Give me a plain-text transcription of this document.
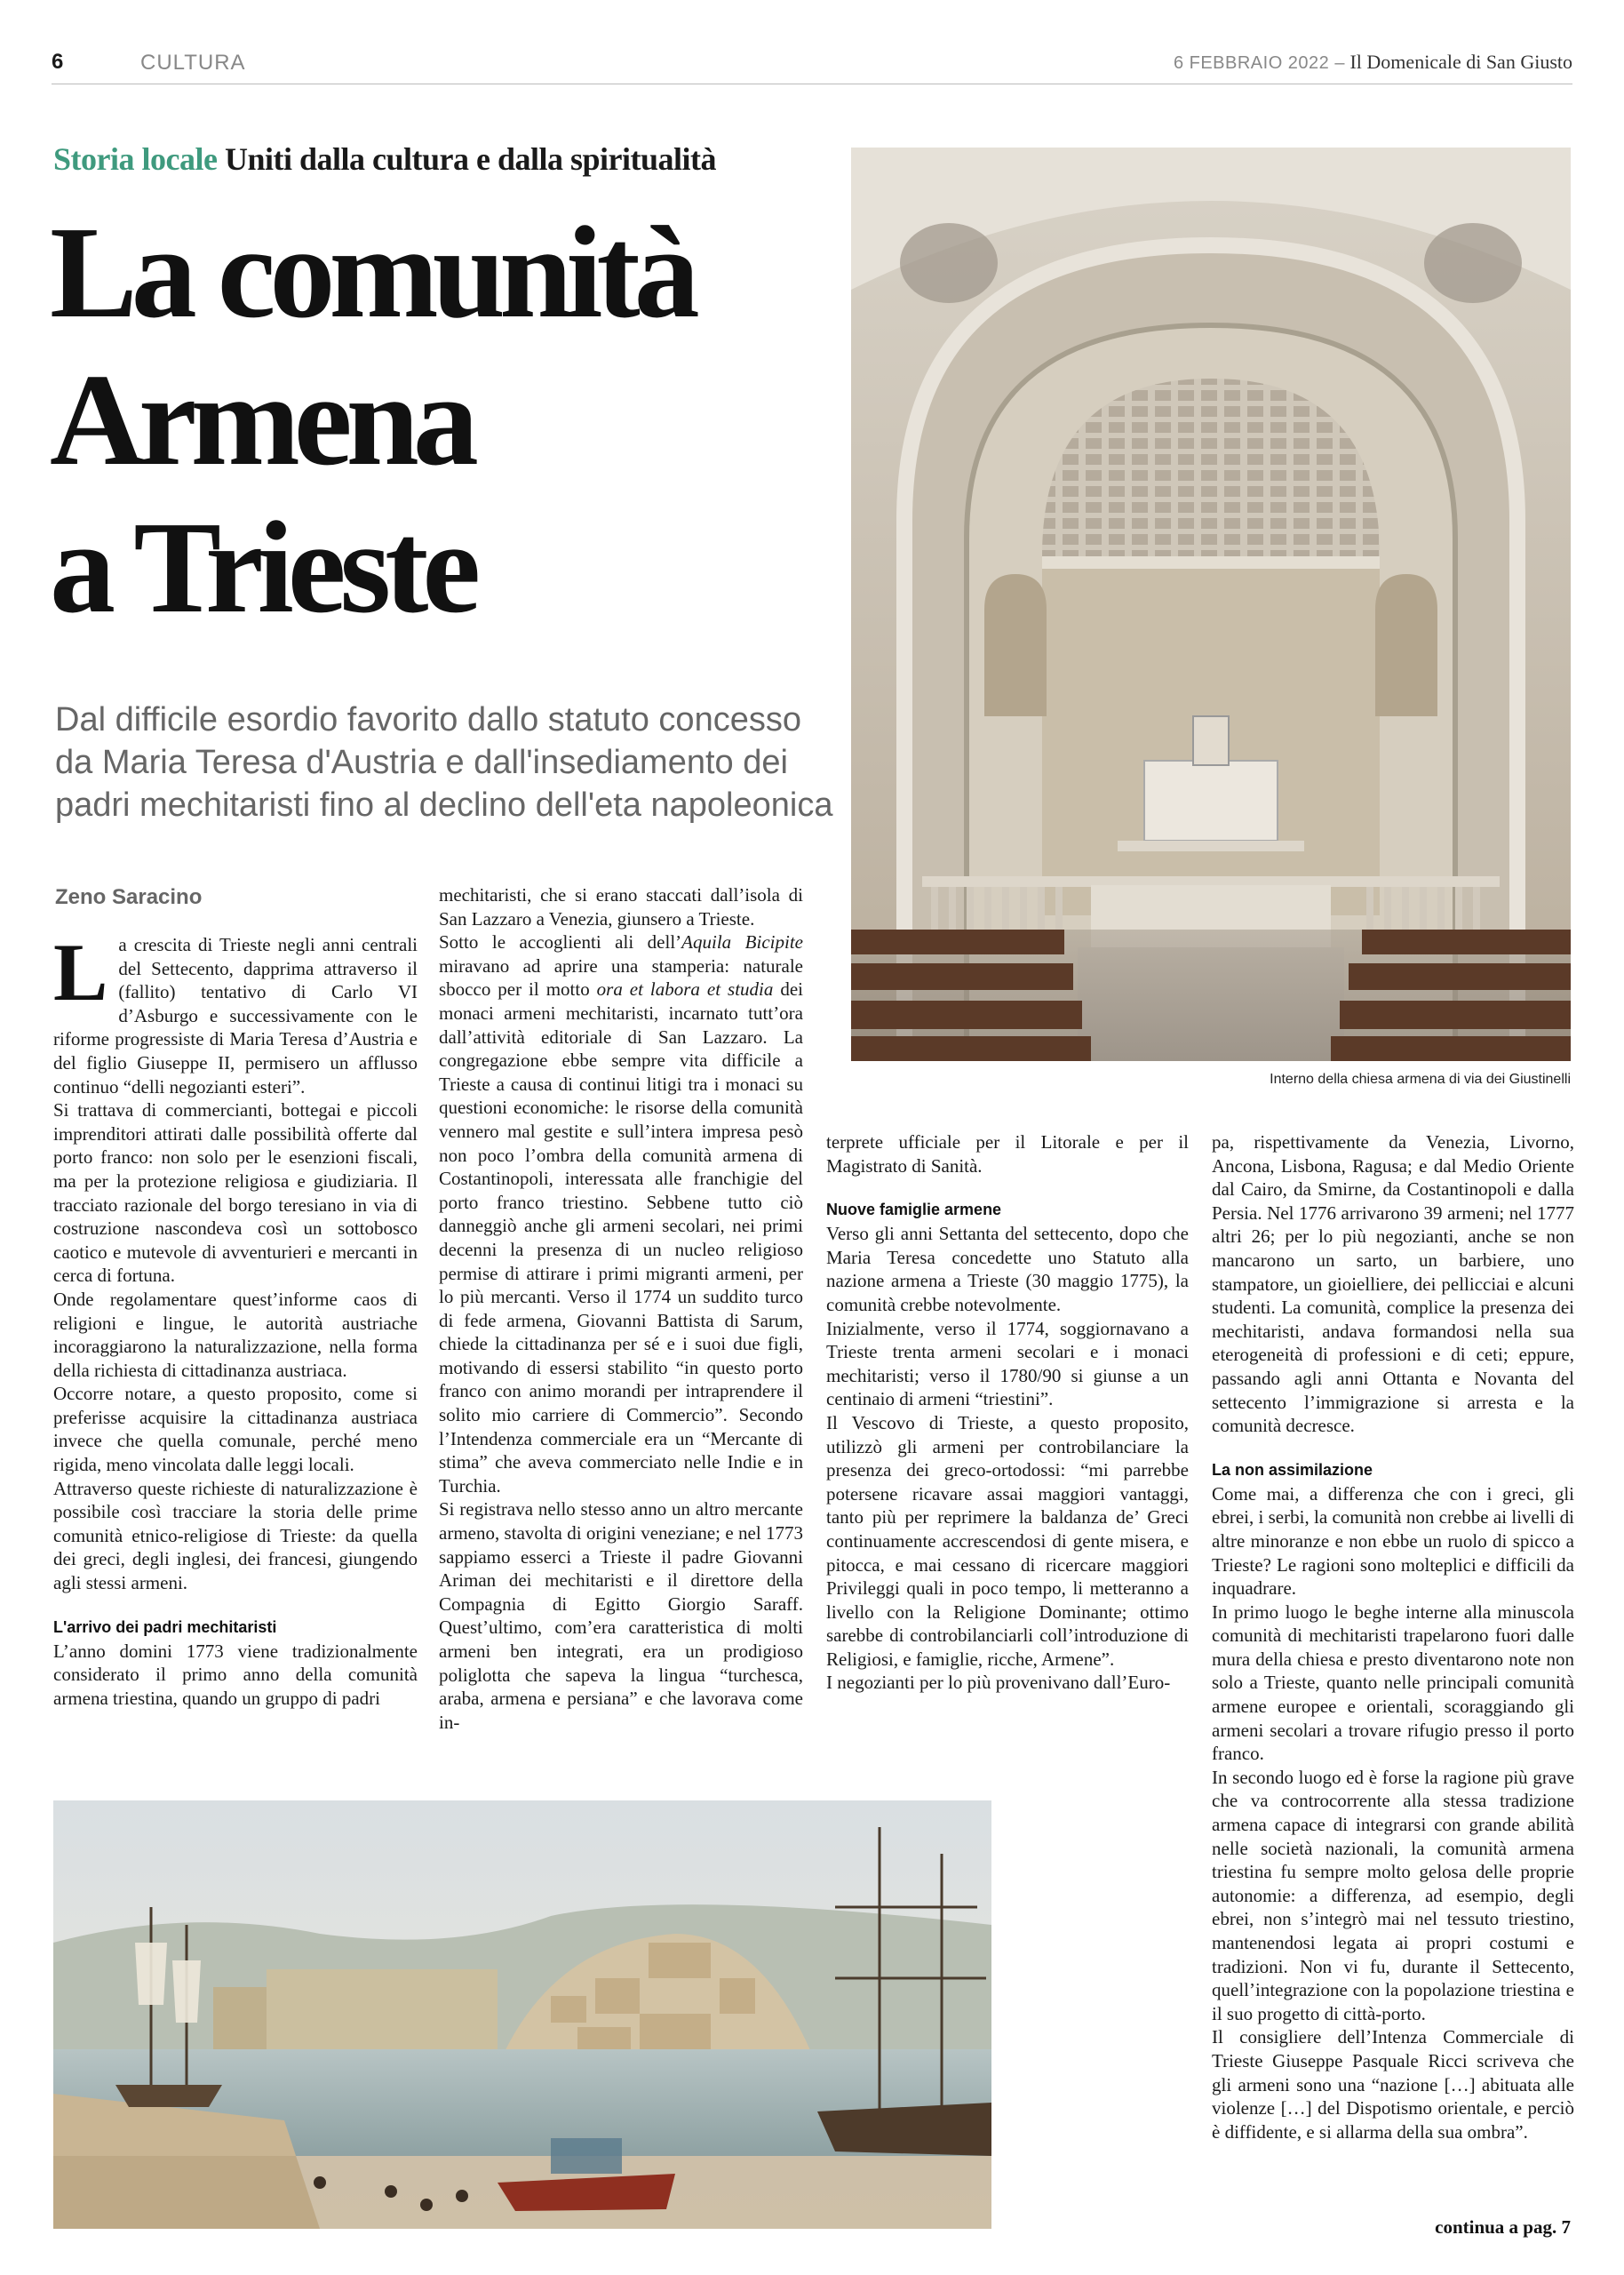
6	CULTURA	6 FEBBRAIO 2022 – Il Domenicale di San Giusto
Storia locale Uniti dalla cultura e dalla spiritualità
La comunità
Armena
a Trieste

Dal difficile esordio favorito dallo statuto concesso da Maria Teresa d'Austria e dall'insediamento dei padri mechitaristi fino al declino dell'eta napoleonica

Zeno Saracino
Interno della chiesa armena di via dei Giustinelli

La crescita di Trieste negli anni centrali del Settecento, dapprima attraverso il (fallito) tentativo di Carlo VI d’Asburgo e successivamente con le riforme progressiste di Maria Teresa d’Austria e del figlio Giuseppe II, permisero un afflusso continuo “delli negozianti esteri”.

Si trattava di commercianti, bottegai e piccoli imprenditori attirati dalle possibilità offerte dal porto franco: non solo per le esenzioni fiscali, ma per la protezione religiosa e giudiziaria. Il tracciato razionale del borgo teresiano in via di costruzione nascondeva così un sottobosco caotico e mutevole di avventurieri e mercanti in cerca di fortuna.

Onde regolamentare quest’informe caos di religioni e lingue, le autorità austriache incoraggiarono la naturalizzazione, nella forma della richiesta di cittadinanza austriaca.

Occorre notare, a questo proposito, come si preferisse acquisire la cittadinanza austriaca invece che quella comunale, perché meno rigida, meno vincolata dalle leggi locali.

Attraverso queste richieste di naturalizzazione è possibile così tracciare la storia delle prime comunità etnico-religiose di Trieste: da quella dei greci, degli inglesi, dei francesi, giungendo agli stessi armeni.

L'arrivo dei padri mechitaristi

L’anno domini 1773 viene tradizionalmente considerato il primo anno della comunità armena triestina, quando un gruppo di padri

mechitaristi, che si erano staccati dall’isola di San Lazzaro a Venezia, giunsero a Trieste.

Sotto le accoglienti ali dell’Aquila Bicipite miravano ad aprire una stamperia: naturale sbocco per il motto ora et labora et studia dei monaci armeni mechitaristi, incarnato tutt’ora dall’attività editoriale di San Lazzaro. La congregazione ebbe sempre vita difficile a Trieste a causa di continui litigi tra i monaci su questioni economiche: le risorse della comunità vennero mal gestite e sull’intera impresa pesò non poco l’ombra della comunità armena di Costantinopoli, interessata alle franchigie del porto franco triestino. Sebbene tutto ciò danneggiò anche gli armeni secolari, nei primi decenni la presenza di un nucleo religioso permise di attirare i primi migranti armeni, per lo più mercanti. Verso il 1774 un suddito turco di fede armena, Giovanni Battista di Sarum, chiede la cittadinanza per sé e i suoi due figli, motivando di essersi stabilito “in questo porto franco con animo morandi per intraprendere il solito mio carriere di Commercio”. Secondo l’Intendenza commerciale era un “Mercante di stima” che aveva commerciato nelle Indie e in Turchia.

Si registrava nello stesso anno un altro mercante armeno, stavolta di origini veneziane; e nel 1773 sappiamo esserci a Trieste il padre Giovanni Ariman dei mechitaristi e il direttore della Compagnia di Egitto Giorgio Saraff. Quest’ultimo, com’era caratteristica di molti armeni ben integrati, era un prodigioso poliglotta che sapeva la lingua “turchesca, araba, armena e persiana” e che lavorava come in-

terprete ufficiale per il Litorale e per il Magistrato di Sanità.

Nuove famiglie armene

Verso gli anni Settanta del settecento, dopo che Maria Teresa concedette uno Statuto alla nazione armena a Trieste (30 maggio 1775), la comunità crebbe notevolmente.

Inizialmente, verso il 1774, soggiornavano a Trieste trenta armeni secolari e i monaci mechitaristi; verso il 1780/90 si giunse a un centinaio di armeni “triestini”.

Il Vescovo di Trieste, a questo proposito, utilizzò gli armeni per controbilanciare la presenza dei greco-ortodossi: “mi parrebbe potersene ricavare assai maggiori vantaggi, tanto più per reprimere la baldanza de’ Greci continuamente accrescendosi di gente misera, e pitocca, e mai cessano di ricercare maggiori Privileggi quali in poco tempo, li metteranno a livello con la Religione Dominante; ottimo sarebbe di controbilanciarli coll’introduzione di Religiosi, e famiglie, ricche, Armene”.

I negozianti per lo più provenivano dall’Euro-

pa, rispettivamente da Venezia, Livorno, Ancona, Lisbona, Ragusa; e dal Medio Oriente dal Cairo, da Smirne, da Costantinopoli e dalla Persia. Nel 1776 arrivarono 39 armeni; nel 1777 altri 26; per lo più negozianti, anche se non mancarono un sarto, un barbiere, uno stampatore, un gioielliere, dei pellicciai e alcuni studenti. La comunità, complice la presenza dei mechitaristi, andava formandosi nella sua eterogeneità di professioni e di ceti; eppure, passando agli anni Ottanta e Novanta del settecento l’immigrazione si arresta e la comunità decresce.

La non assimilazione

Come mai, a differenza che con i greci, gli ebrei, i serbi, la comunità non crebbe ai livelli di altre minoranze e non ebbe un ruolo di spicco a Trieste? Le ragioni sono molteplici e difficili da inquadrare.

In primo luogo le beghe interne alla minuscola comunità di mechitaristi trapelarono fuori dalle mura della chiesa e presto diventarono note non solo a Trieste, quanto nelle principali comunità armene europee e orientali, scoraggiando gli armeni secolari a trovare rifugio presso il porto franco.

In secondo luogo ed è forse la ragione più grave che va controcorrente alla stessa tradizione armena capace di integrarsi con grande abilità nelle società nazionali, la comunità armena triestina fu sempre molto gelosa delle proprie autonomie: a differenza, ad esempio, degli ebrei, non s’integrò mai nel tessuto triestino, mantenendosi legata ai propri costumi e tradizioni. Non vi fu, durante il Settecento, quell’integrazione con la popolazione triestina e il suo progetto di città-porto.

Il consigliere dell’Intenza Commerciale di Trieste Giuseppe Pasquale Ricci scriveva che gli armeni sono una “nazione […] abituata alle violenze […] del Dispotismo orientale, e perciò è diffidente, e si allarma della sua ombra”.

continua a pag. 7
